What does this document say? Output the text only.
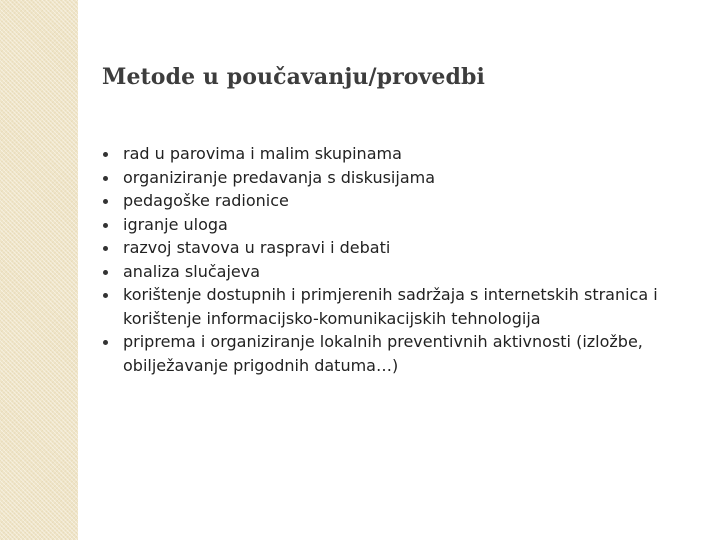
Metode u poučavanju/provedbi
rad u parovima i malim skupinama
organiziranje predavanja s diskusijama
pedagoške radionice
igranje uloga
razvoj stavova u raspravi i debati
analiza slučajeva
korištenje dostupnih i primjerenih sadržaja s internetskih stranica i korištenje informacijsko-komunikacijskih tehnologija
priprema i organiziranje lokalnih preventivnih aktivnosti (izložbe, obilježavanje prigodnih datuma…)
